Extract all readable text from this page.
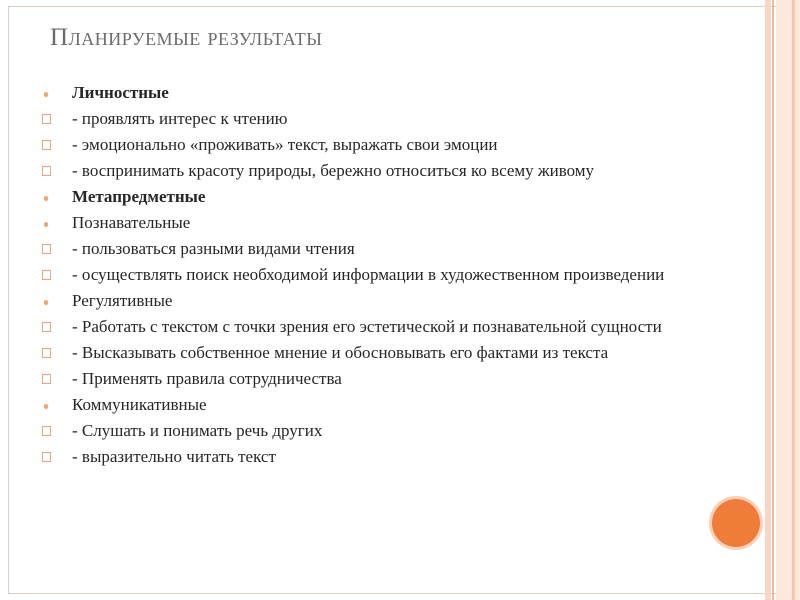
Планируемые результаты
Личностные
- проявлять интерес к чтению
- эмоционально «проживать» текст, выражать свои эмоции
- воспринимать красоту природы, бережно относиться ко всему живому
Метапредметные
Познавательные
- пользоваться разными видами чтения
- осуществлять поиск необходимой информации в художественном произведении
Регулятивные
- Работать с текстом с точки зрения его эстетической и познавательной сущности
- Высказывать собственное мнение и обосновывать его фактами из текста
- Применять правила сотрудничества
Коммуникативные
- Слушать и понимать речь других
- выразительно читать текст
